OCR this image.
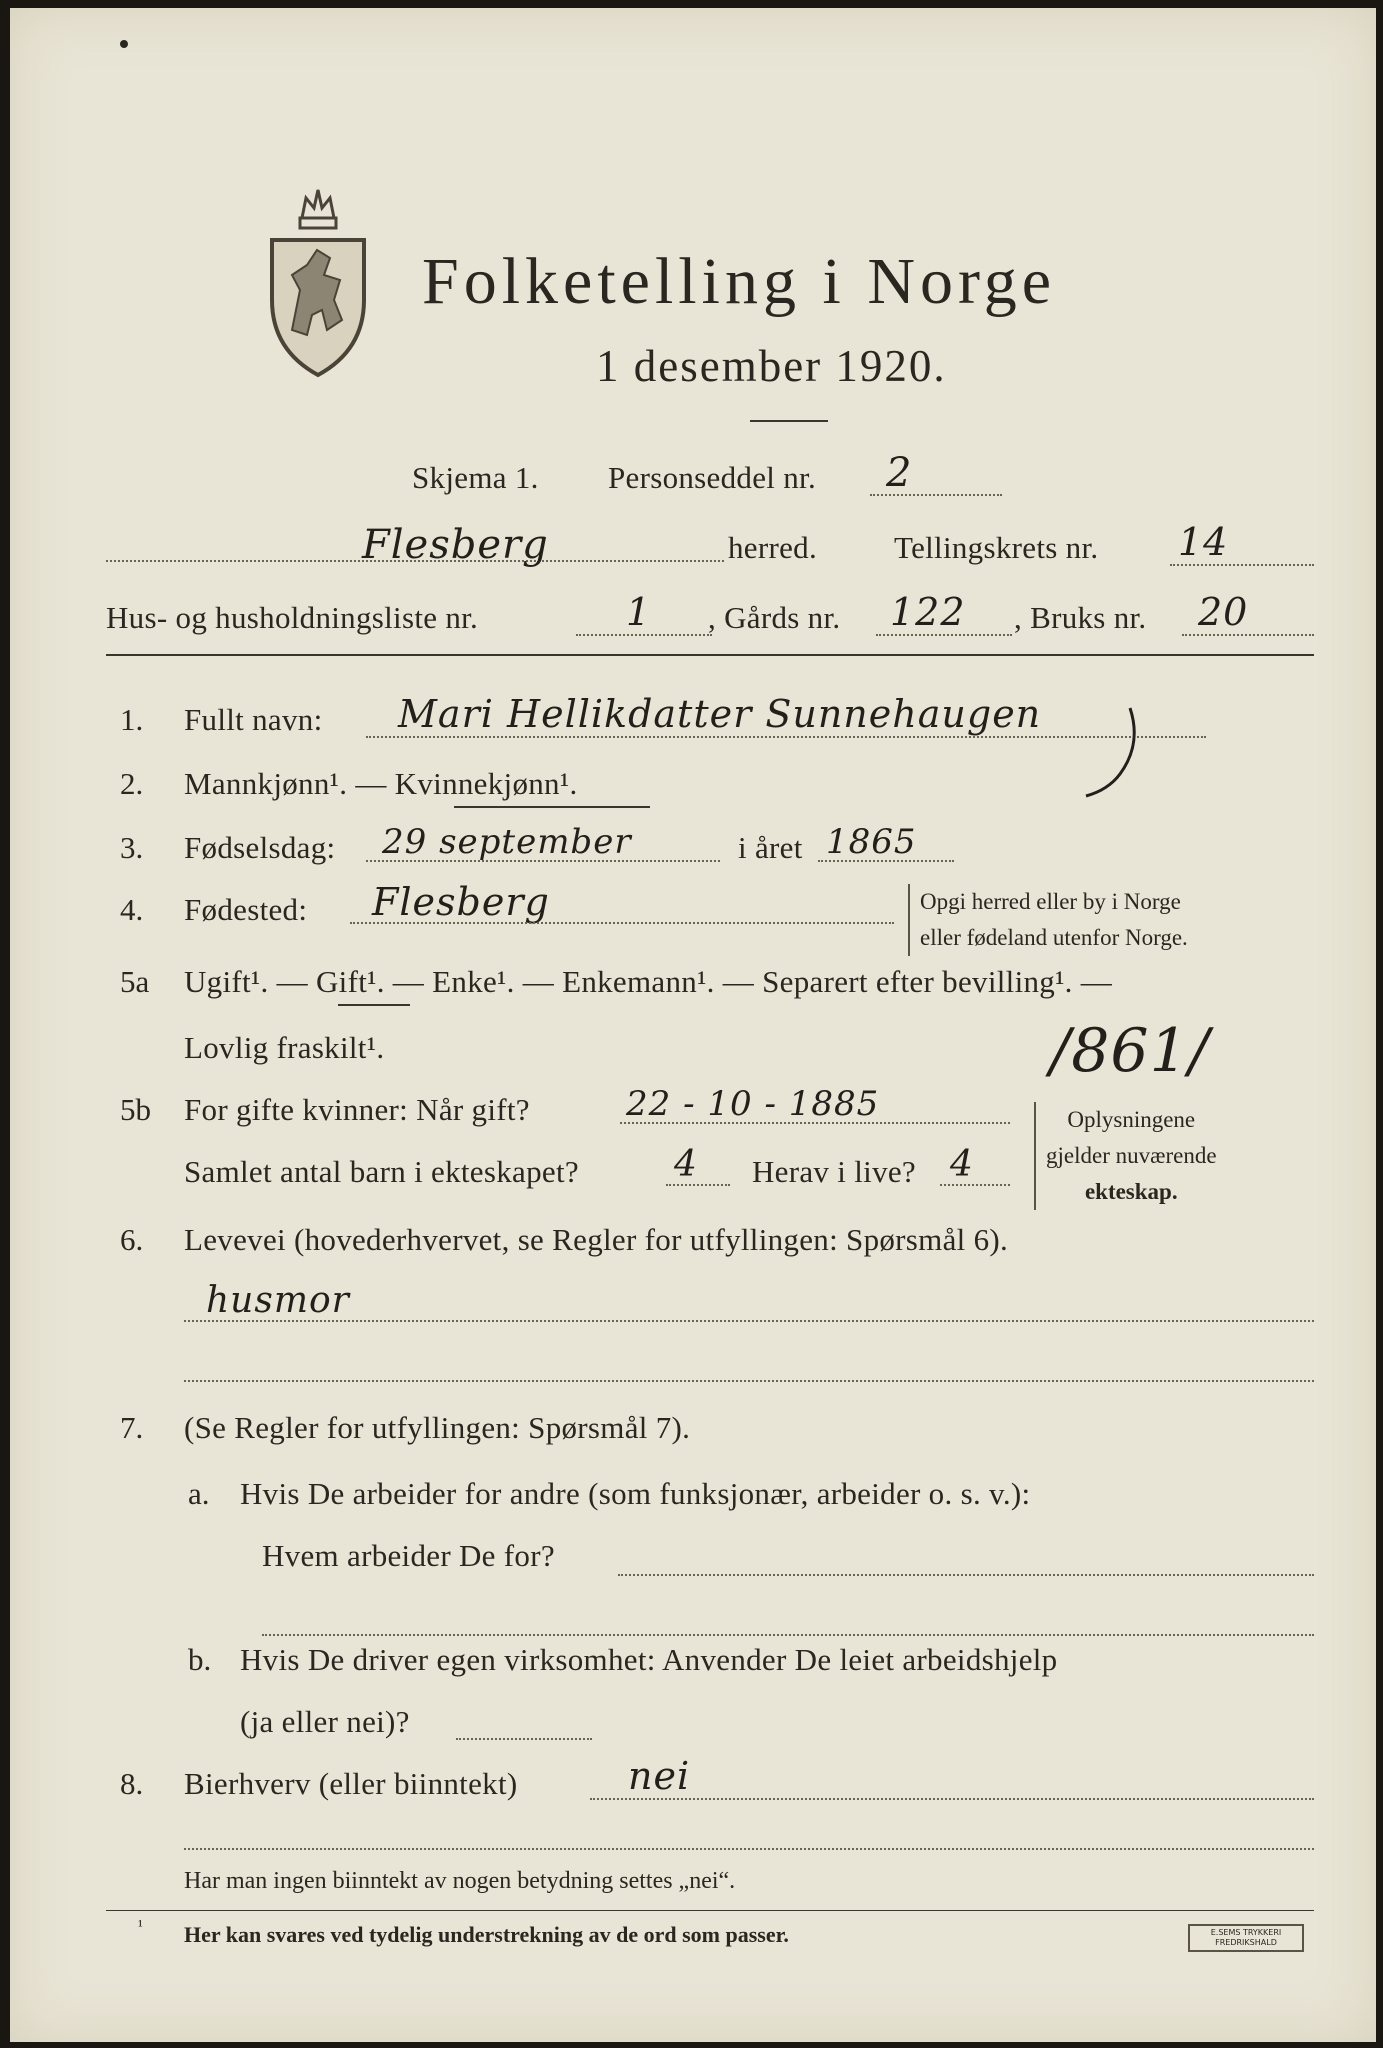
Folketelling i Norge
1 desember 1920.
Skjema 1. Personseddel nr. 2
Flesberg	herred. Tellingskrets nr. 14
Hus- og husholdningsliste nr.	1 , Gårds nr. 122 , Bruks nr. 20
1. Fullt navn: Mari Hellikdatter Sunnehaugen
2. Mannkjønn¹. — Kvinnekjønn¹.
3. Fødselsdag: 29 september	i året 1865
4. Fødested: Flesberg	Opgi herred eller by i Norge
eller fødeland utenfor Norge.
5a Ugift¹. — Gift¹. — Enke¹. — Enkemann¹. — Separert efter bevilling¹. —
Lovlig fraskilt¹.	/861/
5b For gifte kvinner: Når gift?	22 - 10 - 1885
Samlet antal barn i ekteskapet?	4 Herav i live? 4
Oplysningene
gjelder nuværende
ekteskap.
6. Levevei (hovederhvervet, se Regler for utfyllingen: Spørsmål 6).
husmor
7. (Se Regler for utfyllingen: Spørsmål 7).
a. Hvis De arbeider for andre (som funksjonær, arbeider o. s. v.):
Hvem arbeider De for?
b. Hvis De driver egen virksomhet: Anvender De leiet arbeidshjelp
(ja eller nei)?
8. Bierhverv (eller biinntekt)	nei
Har man ingen biinntekt av nogen betydning settes „nei“.
¹ Her kan svares ved tydelig understrekning av de ord som passer.	E.SEMS TRYKKERI FREDRIKSHALD
